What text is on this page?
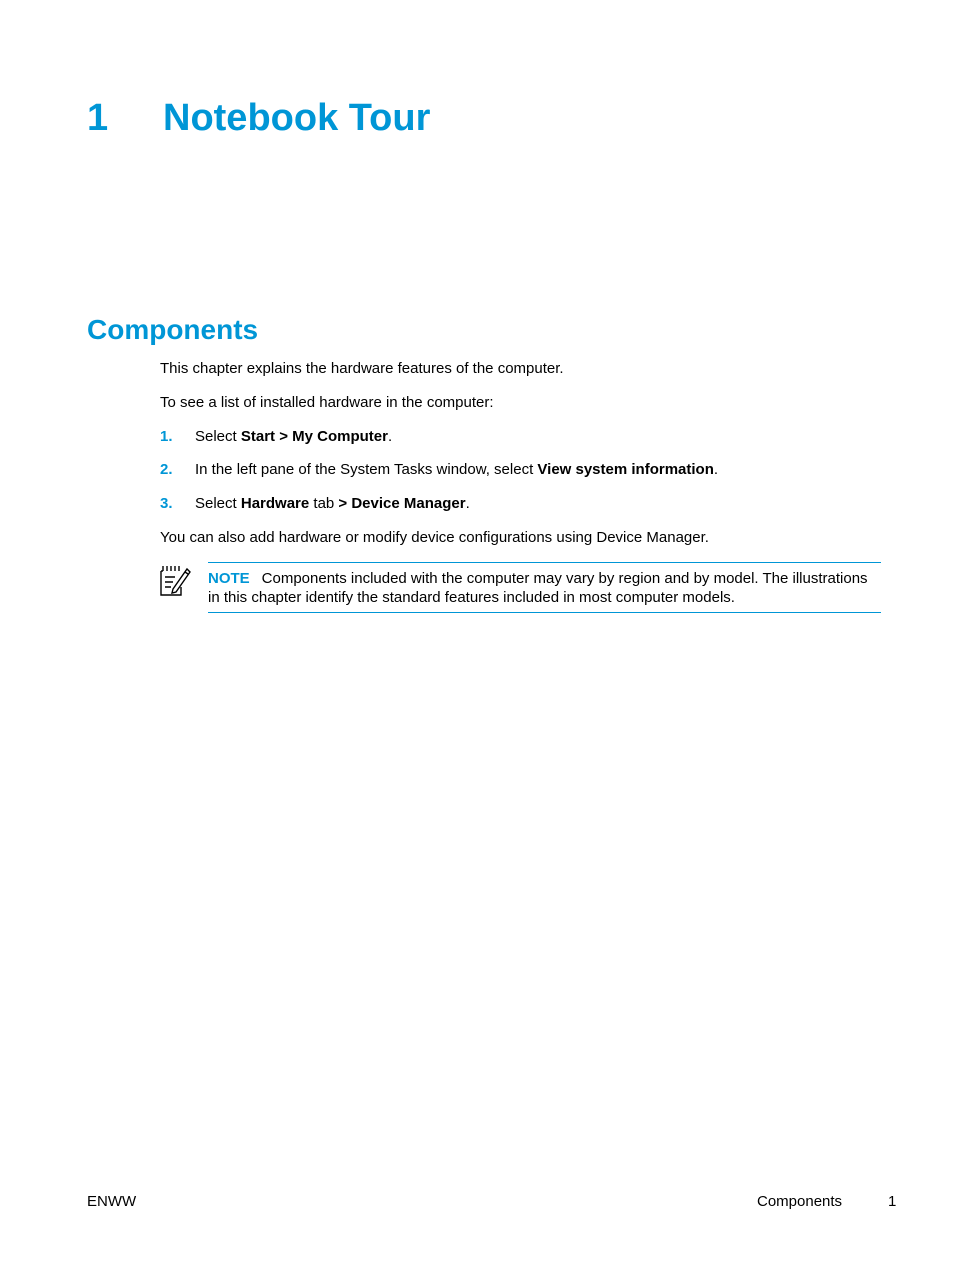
1 Notebook Tour
Components

This chapter explains the hardware features of the computer.

To see a list of installed hardware in the computer:

1. Select Start > My Computer.

2. In the left pane of the System Tasks window, select View system information.

3. Select Hardware tab > Device Manager.

You can also add hardware or modify device configurations using Device Manager.

NOTE Components included with the computer may vary by region and by model. The illustrations in this chapter identify the standard features included in most computer models.

ENWW	Components	1
